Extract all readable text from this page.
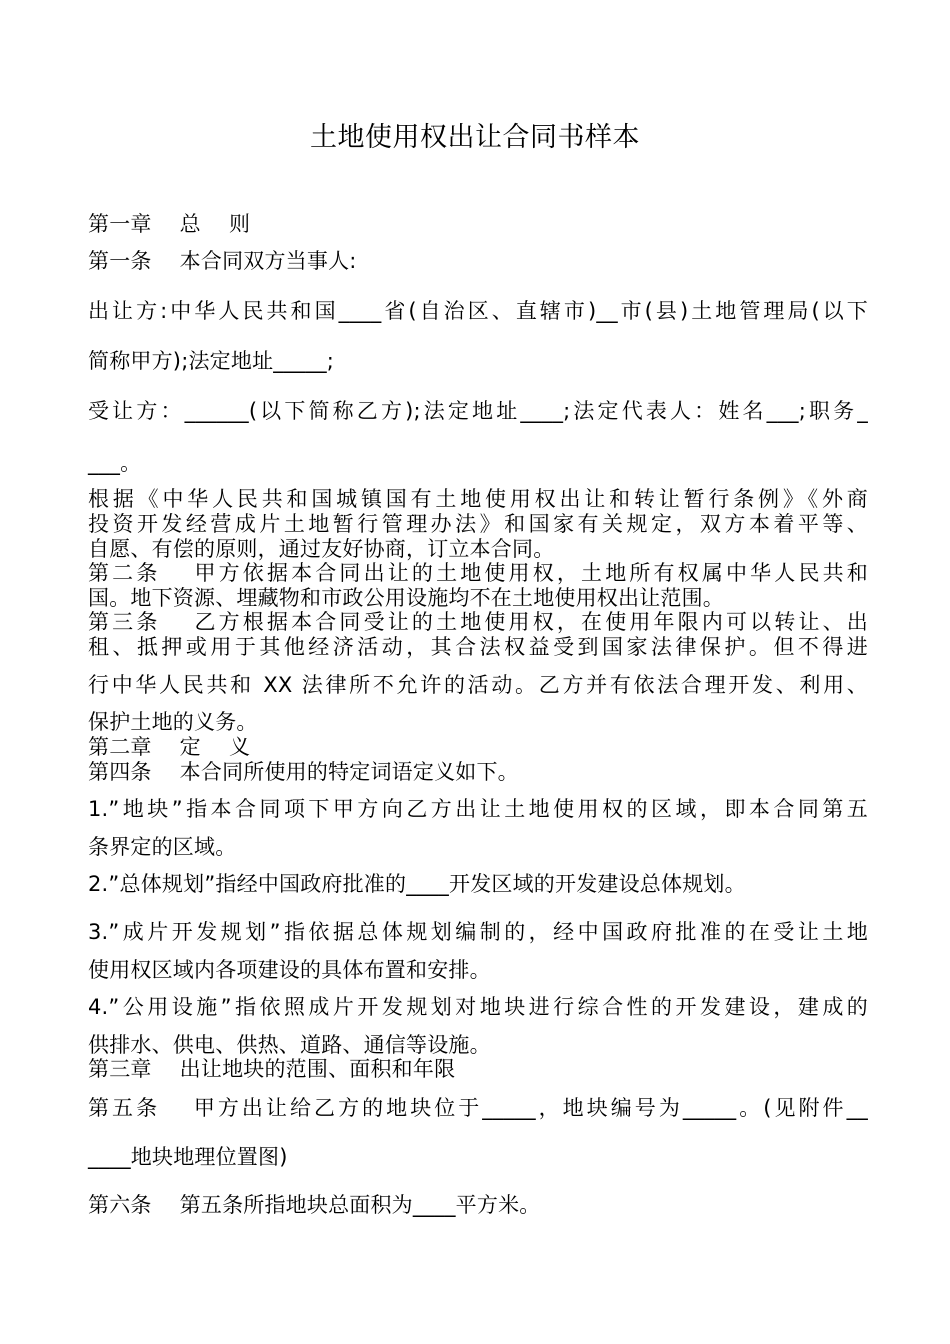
土地使用权出让合同书样本
第一章　 总　 则
第一条　 本合同双方当事人:
出让方:中华人民共和国____省(自治区、直辖市)__市(县)土地管理局(以下
简称甲方);法定地址_____;
受让方：______(以下简称乙方);法定地址____;法定代表人：姓名___;职务_
___。
根据《中华人民共和国城镇国有土地使用权出让和转让暂行条例》《外商
投资开发经营成片土地暂行管理办法》和国家有关规定，双方本着平等、
自愿、有偿的原则，通过友好协商，订立本合同。
第二条　 甲方依据本合同出让的土地使用权，土地所有权属中华人民共和
国。地下资源、埋藏物和市政公用设施均不在土地使用权出让范围。
第三条　 乙方根据本合同受让的土地使用权，在使用年限内可以转让、出
租、抵押或用于其他经济活动，其合法权益受到国家法律保护。但不得进
行中华人民共和 XX 法律所不允许的活动。乙方并有依法合理开发、利用、
保护土地的义务。
第二章　 定　 义
第四条　 本合同所使用的特定词语定义如下。
1.”地块”指本合同项下甲方向乙方出让土地使用权的区域，即本合同第五
条界定的区域。
2.”总体规划”指经中国政府批准的____开发区域的开发建设总体规划。
3.”成片开发规划”指依据总体规划编制的，经中国政府批准的在受让土地
使用权区域内各项建设的具体布置和安排。
4.”公用设施”指依照成片开发规划对地块进行综合性的开发建设，建成的
供排水、供电、供热、道路、通信等设施。
第三章　 出让地块的范围、面积和年限
第五条　 甲方出让给乙方的地块位于_____，地块编号为_____。(见附件__
____地块地理位置图)
第六条　 第五条所指地块总面积为____平方米。
